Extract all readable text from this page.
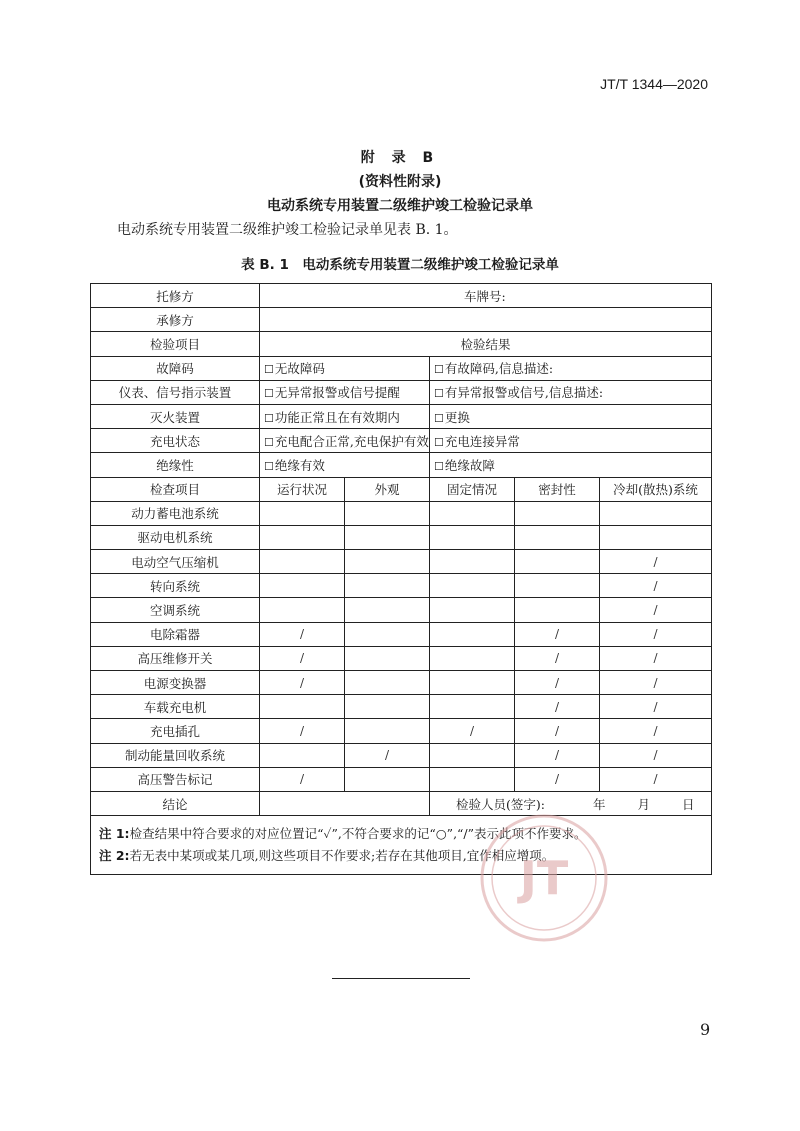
JT/T 1344—2020
附 录 B
(资料性附录)
电动系统专用装置二级维护竣工检验记录单
电动系统专用装置二级维护竣工检验记录单见表 B. 1。
表 B. 1　电动系统专用装置二级维护竣工检验记录单
托修方	车牌号:				
承修方					
检验项目	检验结果				
故障码	☐无故障码		☐有故障码,信息描述:		
仪表、信号指示装置	☐无异常报警或信号提醒		☐有异常报警或信号,信息描述:		
灭火装置	☐功能正常且在有效期内		☐更换		
充电状态	☐充电配合正常,充电保护有效		☐充电连接异常		
绝缘性	☐绝缘有效		☐绝缘故障		
检查项目	运行状况	外观	固定情况	密封性	冷却(散热)系统
动力蓄电池系统					
驱动电机系统					
电动空气压缩机					/
转向系统					/
空调系统					/
电除霜器	/			/	/
高压维修开关	/			/	/
电源变换器	/			/	/
车载充电机				/	/
充电插孔	/		/	/	/
制动能量回收系统		/		/	/
高压警告标记	/			/	/
结论			检验人员(签字): 年 月 日		

注 1:检查结果中符合要求的对应位置记“✓”,不符合要求的记“○”,“/”表示此项不作要求。
注 2:若无表中某项或某几项,则这些项目不作要求;若存在其他项目,宜作相应增项。					
JT
9
